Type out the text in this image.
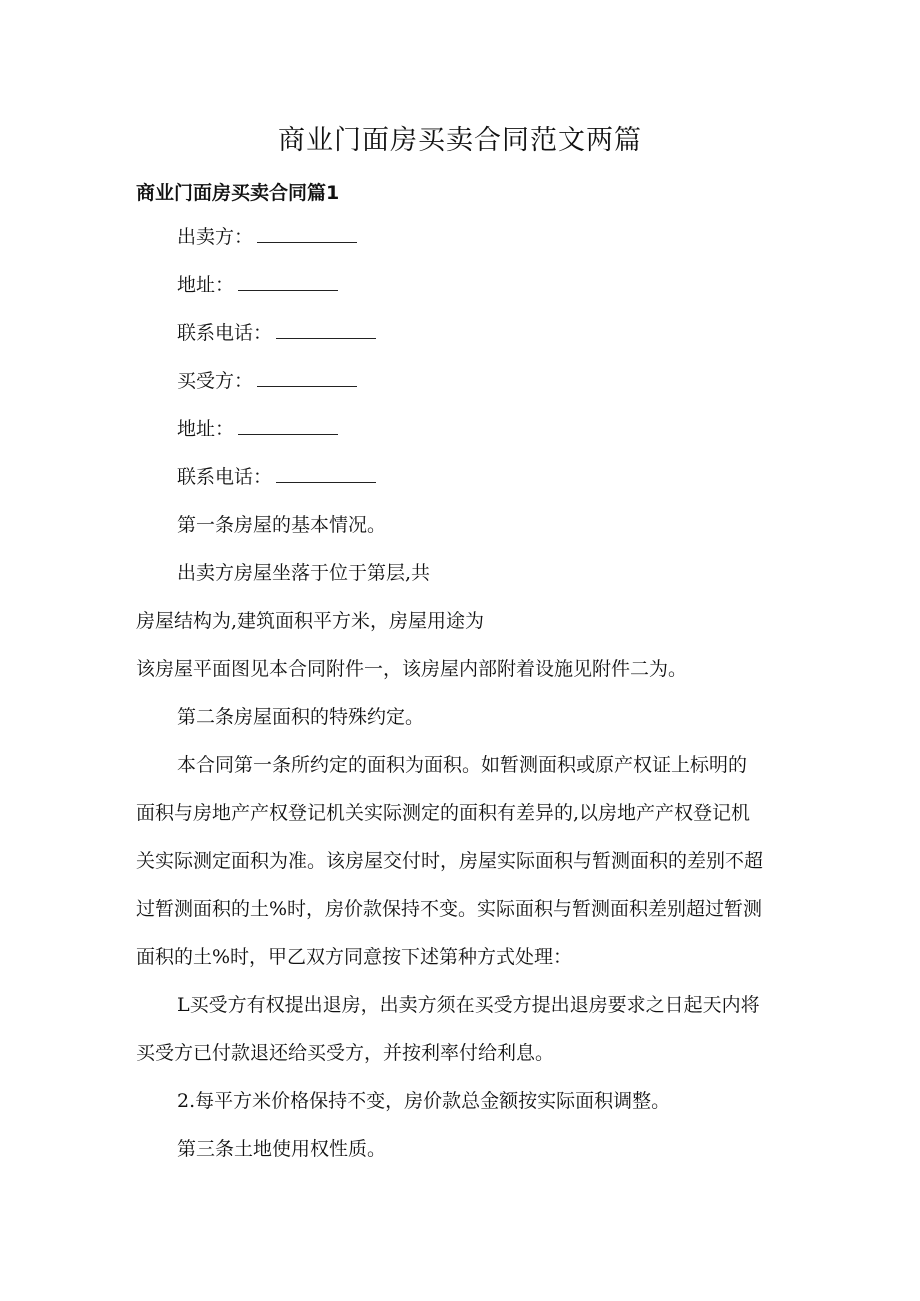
商业门面房买卖合同范文两篇
商业门面房买卖合同篇1
出卖方：
地址：
联系电话：
买受方：
地址：
联系电话：
第一条房屋的基本情况。
出卖方房屋坐落于位于第层,共
房屋结构为,建筑面积平方米，房屋用途为
该房屋平面图见本合同附件一，该房屋内部附着设施见附件二为。
第二条房屋面积的特殊约定。
本合同第一条所约定的面积为面积。如暂测面积或原产权证上标明的
面积与房地产产权登记机关实际测定的面积有差异的,以房地产产权登记机
关实际测定面积为准。该房屋交付时，房屋实际面积与暂测面积的差别不超
过暂测面积的土%时，房价款保持不变。实际面积与暂测面积差别超过暂测
面积的土%时，甲乙双方同意按下述第种方式处理：
L买受方有权提出退房，出卖方须在买受方提出退房要求之日起天内将
买受方已付款退还给买受方，并按利率付给利息。
2.每平方米价格保持不变，房价款总金额按实际面积调整。
第三条土地使用权性质。
